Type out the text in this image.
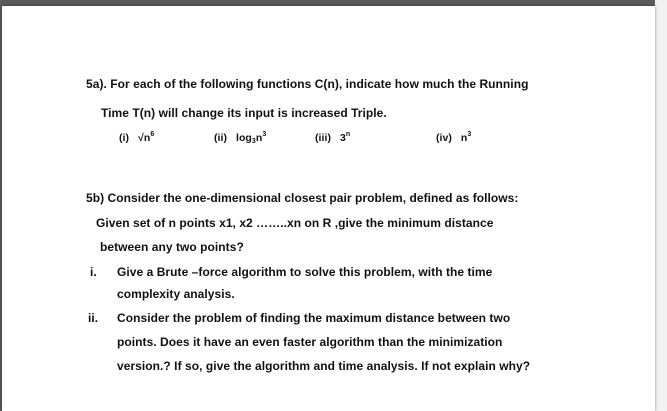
5a). For each of the following functions C(n), indicate how much the Running
Time T(n) will change its input is increased Triple.
(i) $√n^6$	(ii) $\log_3n^3$	(iii) 3$^n$	(iv) $n^3$
5b) Consider the one-dimensional closest pair problem, defined as follows:
Given set of n points x1, x2 ……..xn on R ,give the minimum distance
between any two points?
i. Give a Brute –force algorithm to solve this problem, with the time
complexity analysis.
ii. Consider the problem of finding the maximum distance between two
points. Does it have an even faster algorithm than the minimization
version.? If so, give the algorithm and time analysis. If not explain why?
